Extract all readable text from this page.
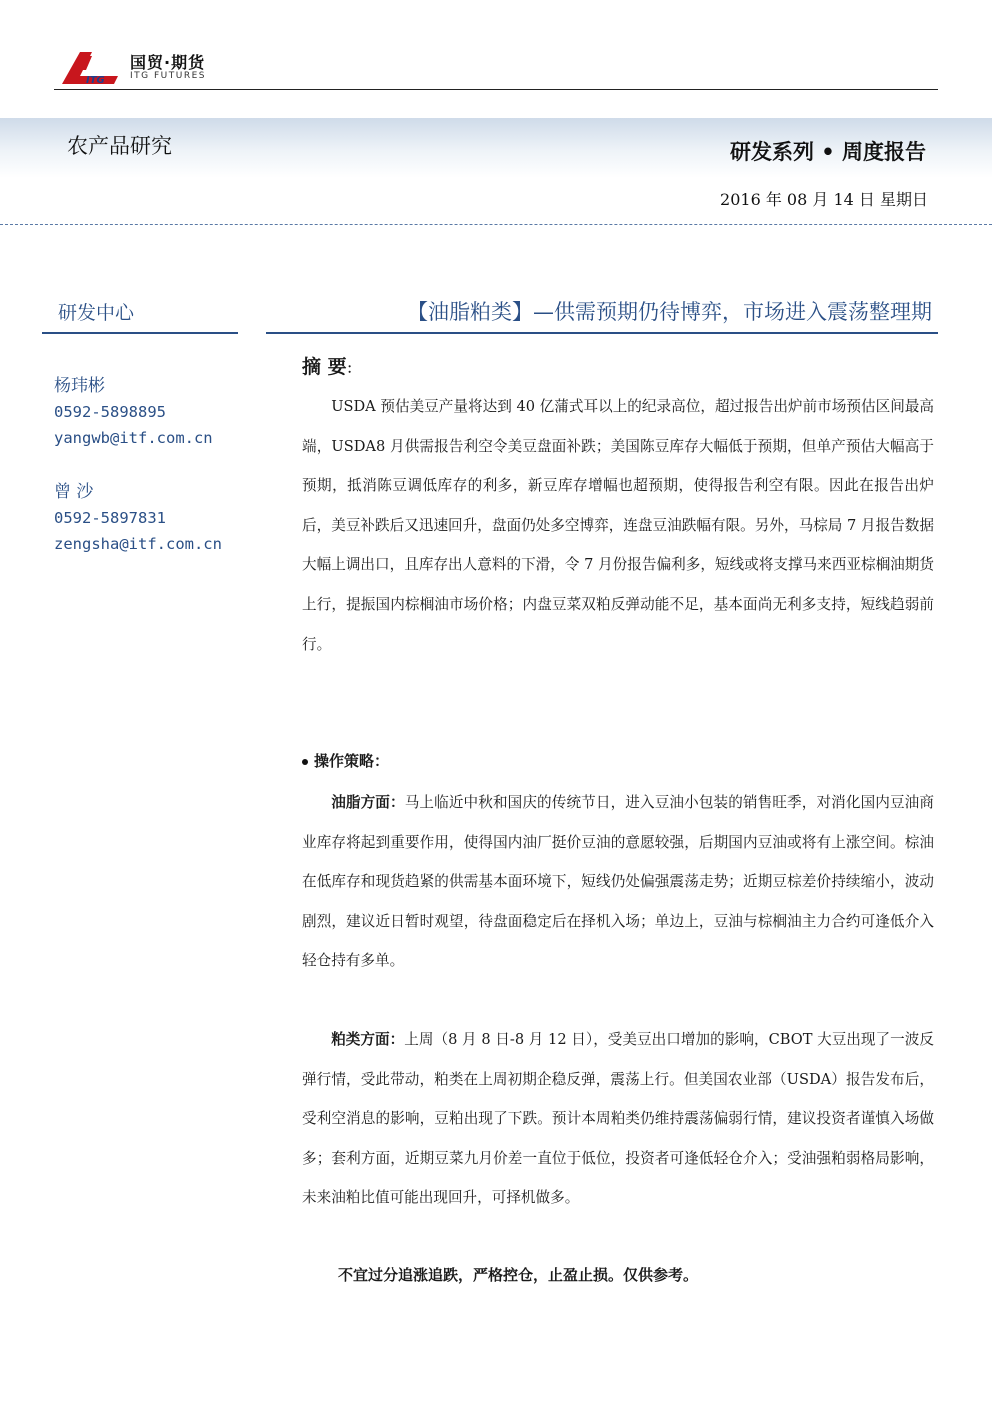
ITG
国贸·期货
ITG FUTURES
农产品研究	研发系列 • 周度报告
2016 年 08 月 14 日 星期日
研发中心
杨玮彬
0592-5898895
yangwb@itf.com.cn
曾 沙
0592-5897831
zengsha@itf.com.cn
【油脂粕类】—供需预期仍待博弈，市场进入震荡整理期
摘 要：

USDA 预估美豆产量将达到 40 亿蒲式耳以上的纪录高位，超过报告出炉前市场预估区间最高端，USDA8 月供需报告利空令美豆盘面补跌；美国陈豆库存大幅低于预期，但单产预估大幅高于预期，抵消陈豆调低库存的利多，新豆库存增幅也超预期，使得报告利空有限。因此在报告出炉后，美豆补跌后又迅速回升，盘面仍处多空博弈，连盘豆油跌幅有限。另外，马棕局 7 月报告数据大幅上调出口，且库存出人意料的下滑，令 7 月份报告偏利多，短线或将支撑马来西亚棕榈油期货上行，提振国内棕榈油市场价格；内盘豆菜双粕反弹动能不足，基本面尚无利多支持，短线趋弱前行。

操作策略：

油脂方面：马上临近中秋和国庆的传统节日，进入豆油小包装的销售旺季，对消化国内豆油商业库存将起到重要作用，使得国内油厂挺价豆油的意愿较强，后期国内豆油或将有上涨空间。棕油在低库存和现货趋紧的供需基本面环境下，短线仍处偏强震荡走势；近期豆棕差价持续缩小，波动剧烈，建议近日暂时观望，待盘面稳定后在择机入场；单边上，豆油与棕榈油主力合约可逢低介入轻仓持有多单。

粕类方面：上周（8 月 8 日-8 月 12 日），受美豆出口增加的影响，CBOT 大豆出现了一波反弹行情，受此带动，粕类在上周初期企稳反弹，震荡上行。但美国农业部（USDA）报告发布后，受利空消息的影响，豆粕出现了下跌。预计本周粕类仍维持震荡偏弱行情，建议投资者谨慎入场做多；套利方面，近期豆菜九月价差一直位于低位，投资者可逢低轻仓介入；受油强粕弱格局影响，未来油粕比值可能出现回升，可择机做多。

不宜过分追涨追跌，严格控仓，止盈止损。仅供参考。
